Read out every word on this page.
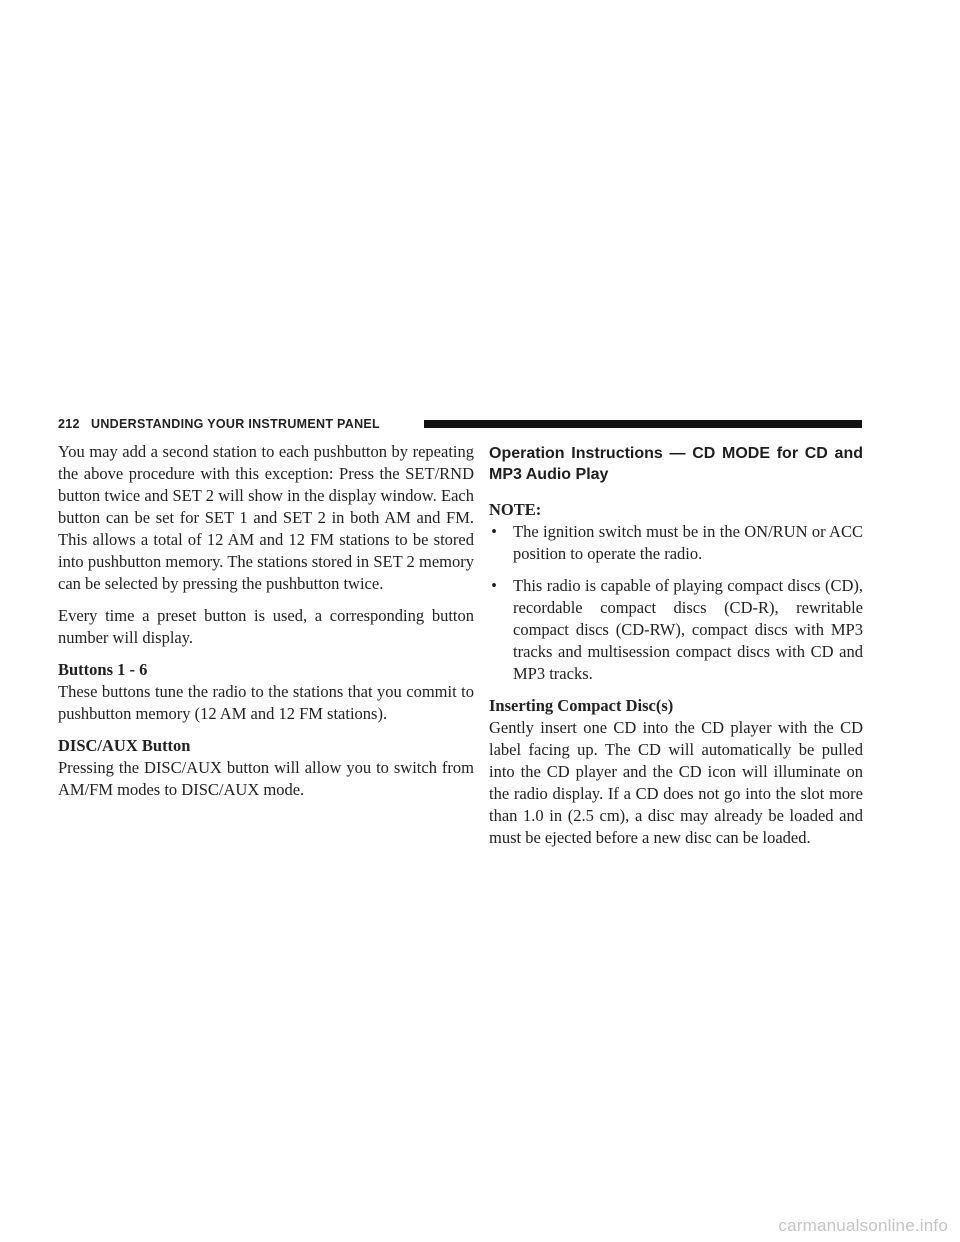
212 UNDERSTANDING YOUR INSTRUMENT PANEL

You may add a second station to each pushbutton by repeating the above procedure with this exception: Press the SET/RND button twice and SET 2 will show in the display window. Each button can be set for SET 1 and SET 2 in both AM and FM. This allows a total of 12 AM and 12 FM stations to be stored into pushbutton memory. The stations stored in SET 2 memory can be selected by pressing the pushbutton twice.

Every time a preset button is used, a corresponding button number will display.

Buttons 1 - 6

These buttons tune the radio to the stations that you commit to pushbutton memory (12 AM and 12 FM stations).

DISC/AUX Button

Pressing the DISC/AUX button will allow you to switch from AM/FM modes to DISC/AUX mode.

Operation Instructions — CD MODE for CD and MP3 Audio Play

NOTE:

• The ignition switch must be in the ON/RUN or ACC position to operate the radio.
• This radio is capable of playing compact discs (CD), recordable compact discs (CD-R), rewritable compact discs (CD-RW), compact discs with MP3 tracks and multisession compact discs with CD and MP3 tracks.

Inserting Compact Disc(s)

Gently insert one CD into the CD player with the CD label facing up. The CD will automatically be pulled into the CD player and the CD icon will illuminate on the radio display. If a CD does not go into the slot more than 1.0 in (2.5 cm), a disc may already be loaded and must be ejected before a new disc can be loaded.

carmanualsonline.info
